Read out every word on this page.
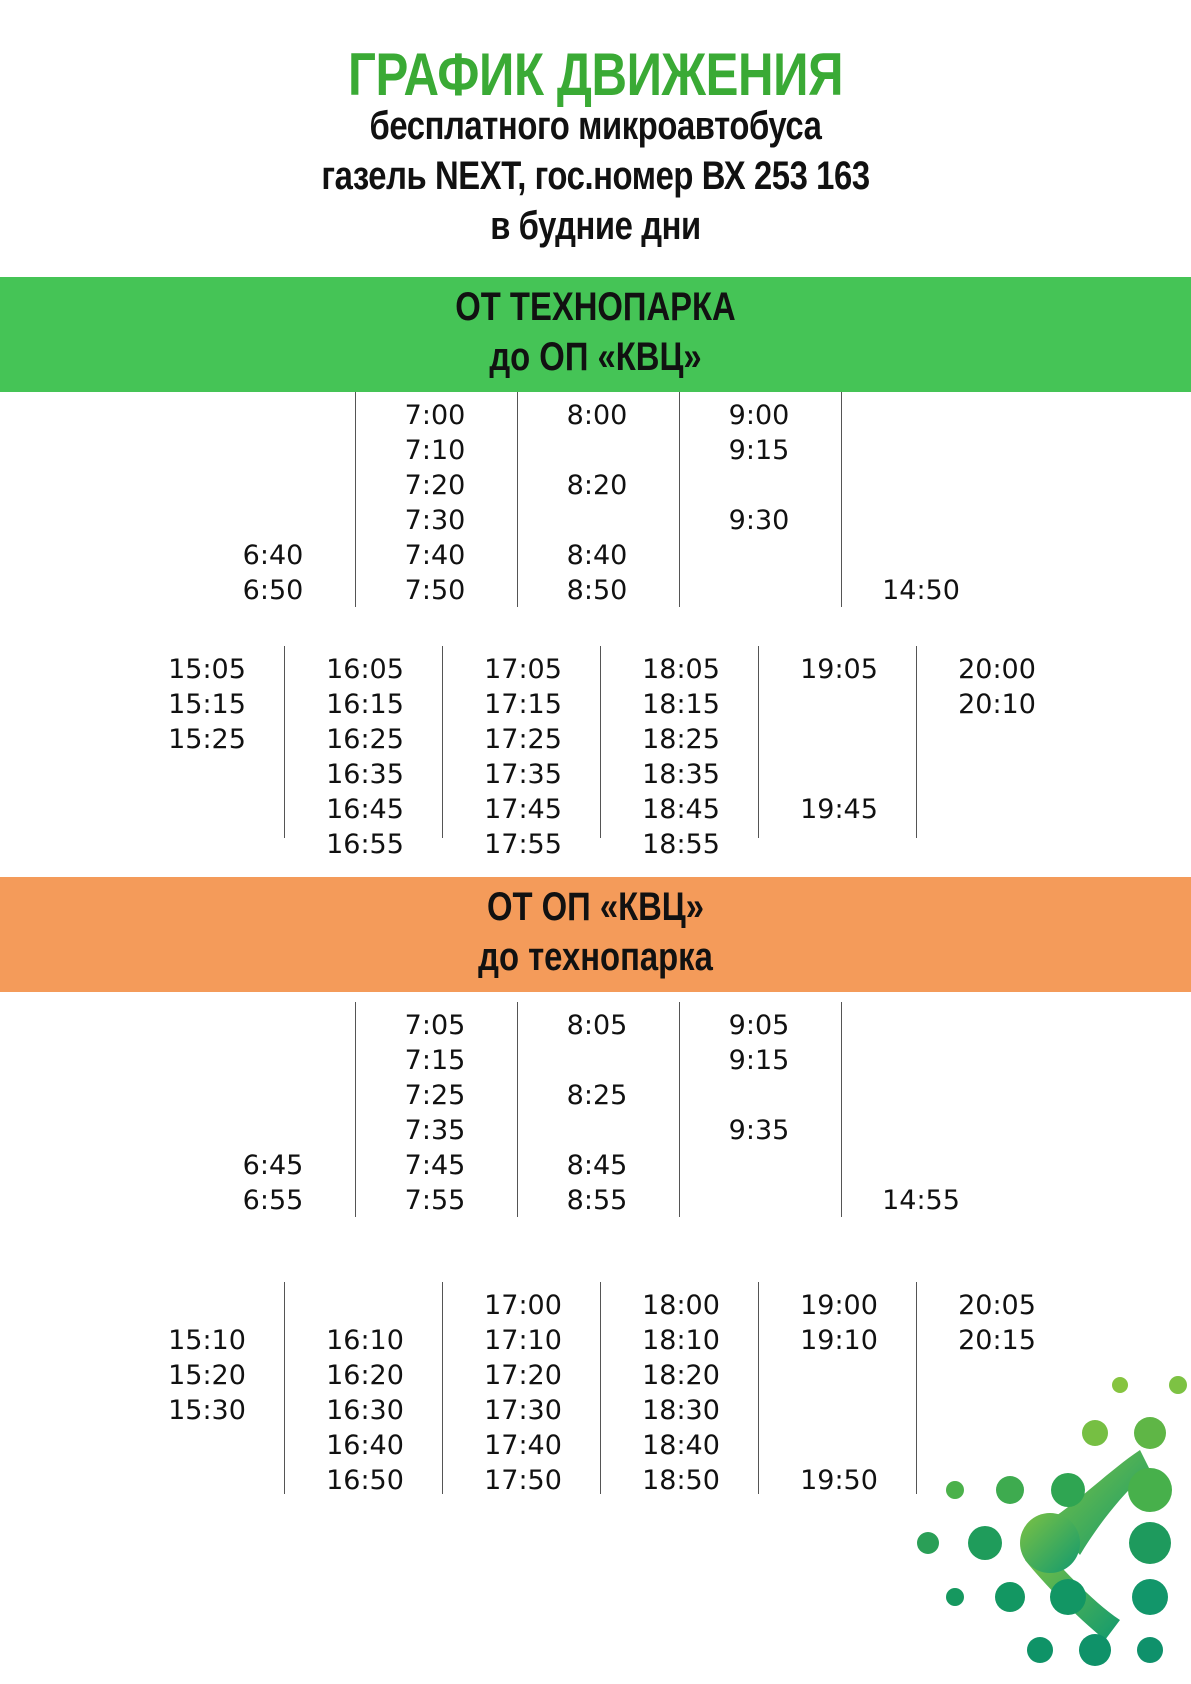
ГРАФИК ДВИЖЕНИЯ
бесплатного микроавтобуса
газель NEXT, гос.номер ВХ 253 163
в будние дни
ОТ ТЕХНОПАРКА
до ОП «КВЦ»
ОТ ОП «КВЦ»
до технопарка
6:40
6:50
7:00
7:10
7:20
7:30
7:40
7:50
8:00
8:20
8:40
8:50
9:00
9:15
9:30
14:50
15:05
15:15
15:25
16:05
16:15
16:25
16:35
16:45
16:55
17:05
17:15
17:25
17:35
17:45
17:55
18:05
18:15
18:25
18:35
18:45
18:55
19:05
19:45
20:00
20:10
6:45
6:55
7:05
7:15
7:25
7:35
7:45
7:55
8:05
8:25
8:45
8:55
9:05
9:15
9:35
14:55
15:10
15:20
15:30
16:10
16:20
16:30
16:40
16:50
17:00
17:10
17:20
17:30
17:40
17:50
18:00
18:10
18:20
18:30
18:40
18:50
19:00
19:10
19:50
20:05
20:15
